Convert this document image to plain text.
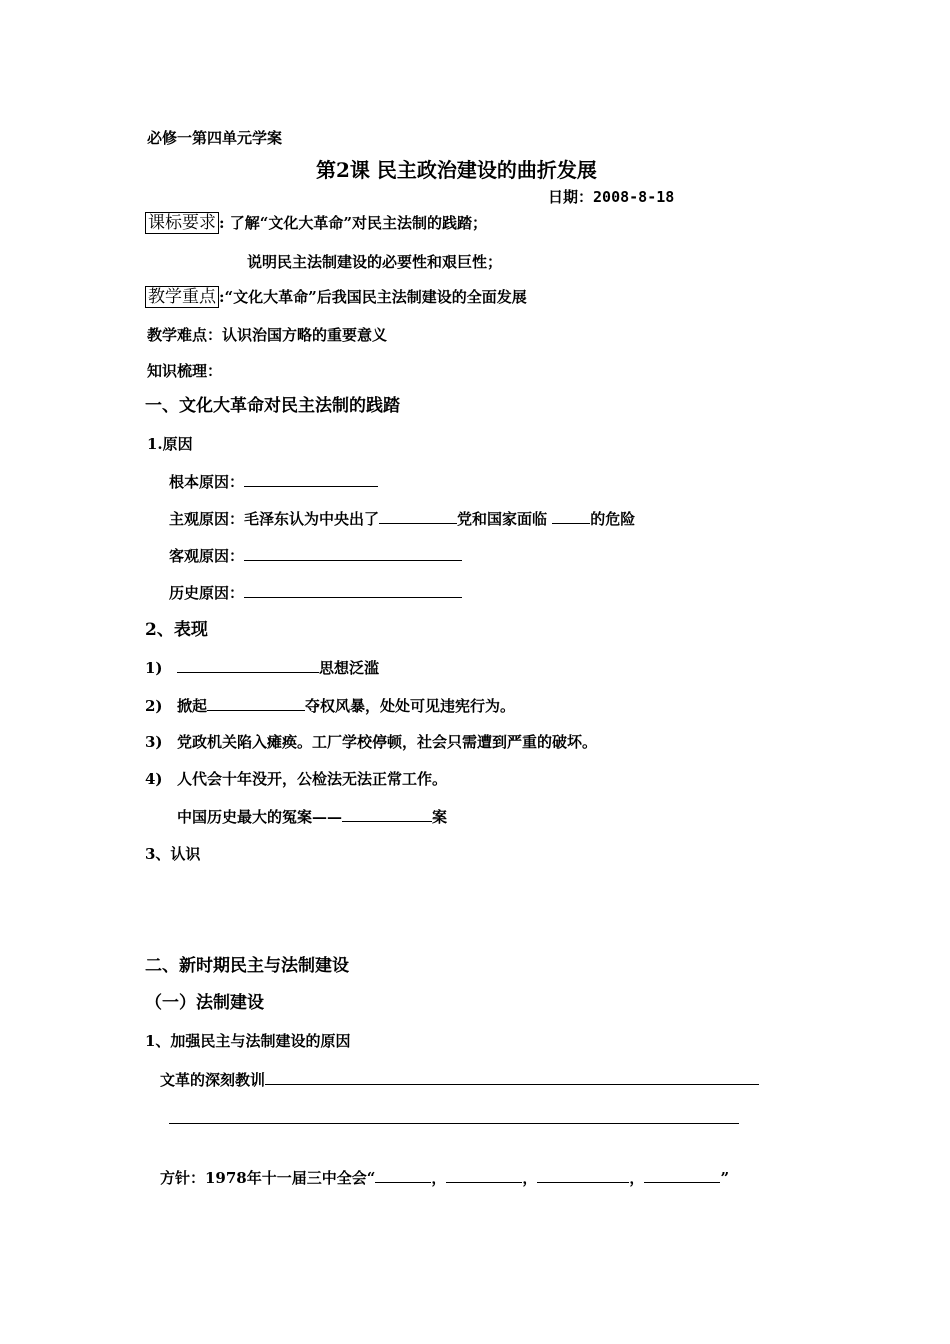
必修一第四单元学案
第2课 民主政治建设的曲折发展
日期：2008-8-18
课标要求 : 了解“文化大革命”对民主法制的践踏；
说明民主法制建设的必要性和艰巨性；
教学重点 :“文化大革命”后我国民主法制建设的全面发展
教学难点：认识治国方略的重要意义
知识梳理：
一、文化大革命对民主法制的践踏
1.原因
根本原因：
主观原因：毛泽东认为中央出了	党和国家面临	的危险
客观原因：
历史原因：
2、表现
1)	思想泛滥
2) 掀起	夺权风暴，处处可见违宪行为。
3) 党政机关陷入瘫痪。工厂学校停顿，社会只需遭到严重的破坏。
4) 人代会十年没开，公检法无法正常工作。
中国历史最大的冤案——	案
3、认识
二、新时期民主与法制建设
（一）法制建设
1、加强民主与法制建设的原因
文革的深刻教训
方针：1978年十一届三中全会“	，	，	，	”
